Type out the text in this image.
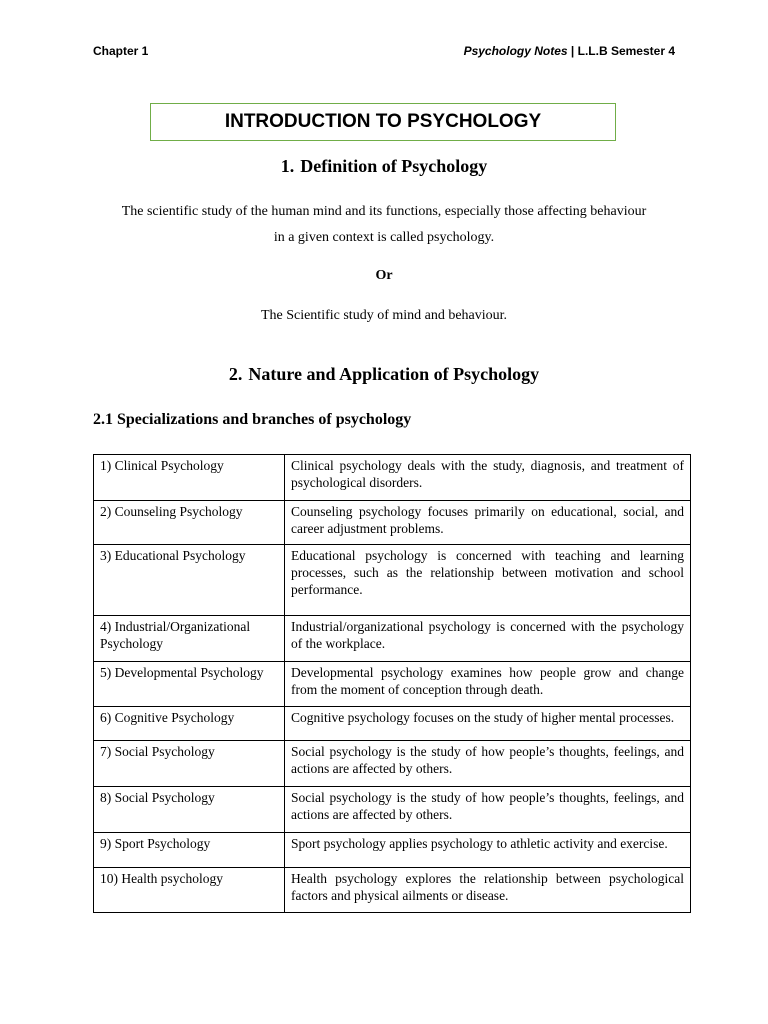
Chapter 1	Psychology Notes | L.L.B Semester 4
INTRODUCTION TO PSYCHOLOGY
1. Definition of Psychology
The scientific study of the human mind and its functions, especially those affecting behaviour
in a given context is called psychology.
Or
The Scientific study of mind and behaviour.
2. Nature and Application of Psychology
2.1 Specializations and branches of psychology
1) Clinical Psychology	Clinical psychology deals with the study, diagnosis, and treatment of psychological disorders.
2) Counseling Psychology	Counseling psychology focuses primarily on educational, social, and career adjustment problems.
3) Educational Psychology	Educational psychology is concerned with teaching and learning processes, such as the relationship between motivation and school performance.
4) Industrial/Organizational Psychology	Industrial/organizational psychology is concerned with the psychology of the workplace.
5) Developmental Psychology	Developmental psychology examines how people grow and change from the moment of conception through death.
6) Cognitive Psychology	Cognitive psychology focuses on the study of higher mental processes.
7) Social Psychology	Social psychology is the study of how people’s thoughts, feelings, and actions are affected by others.
8) Social Psychology	Social psychology is the study of how people’s thoughts, feelings, and actions are affected by others.
9) Sport Psychology	Sport psychology applies psychology to athletic activity and exercise.
10) Health psychology	Health psychology explores the relationship between psychological factors and physical ailments or disease.
